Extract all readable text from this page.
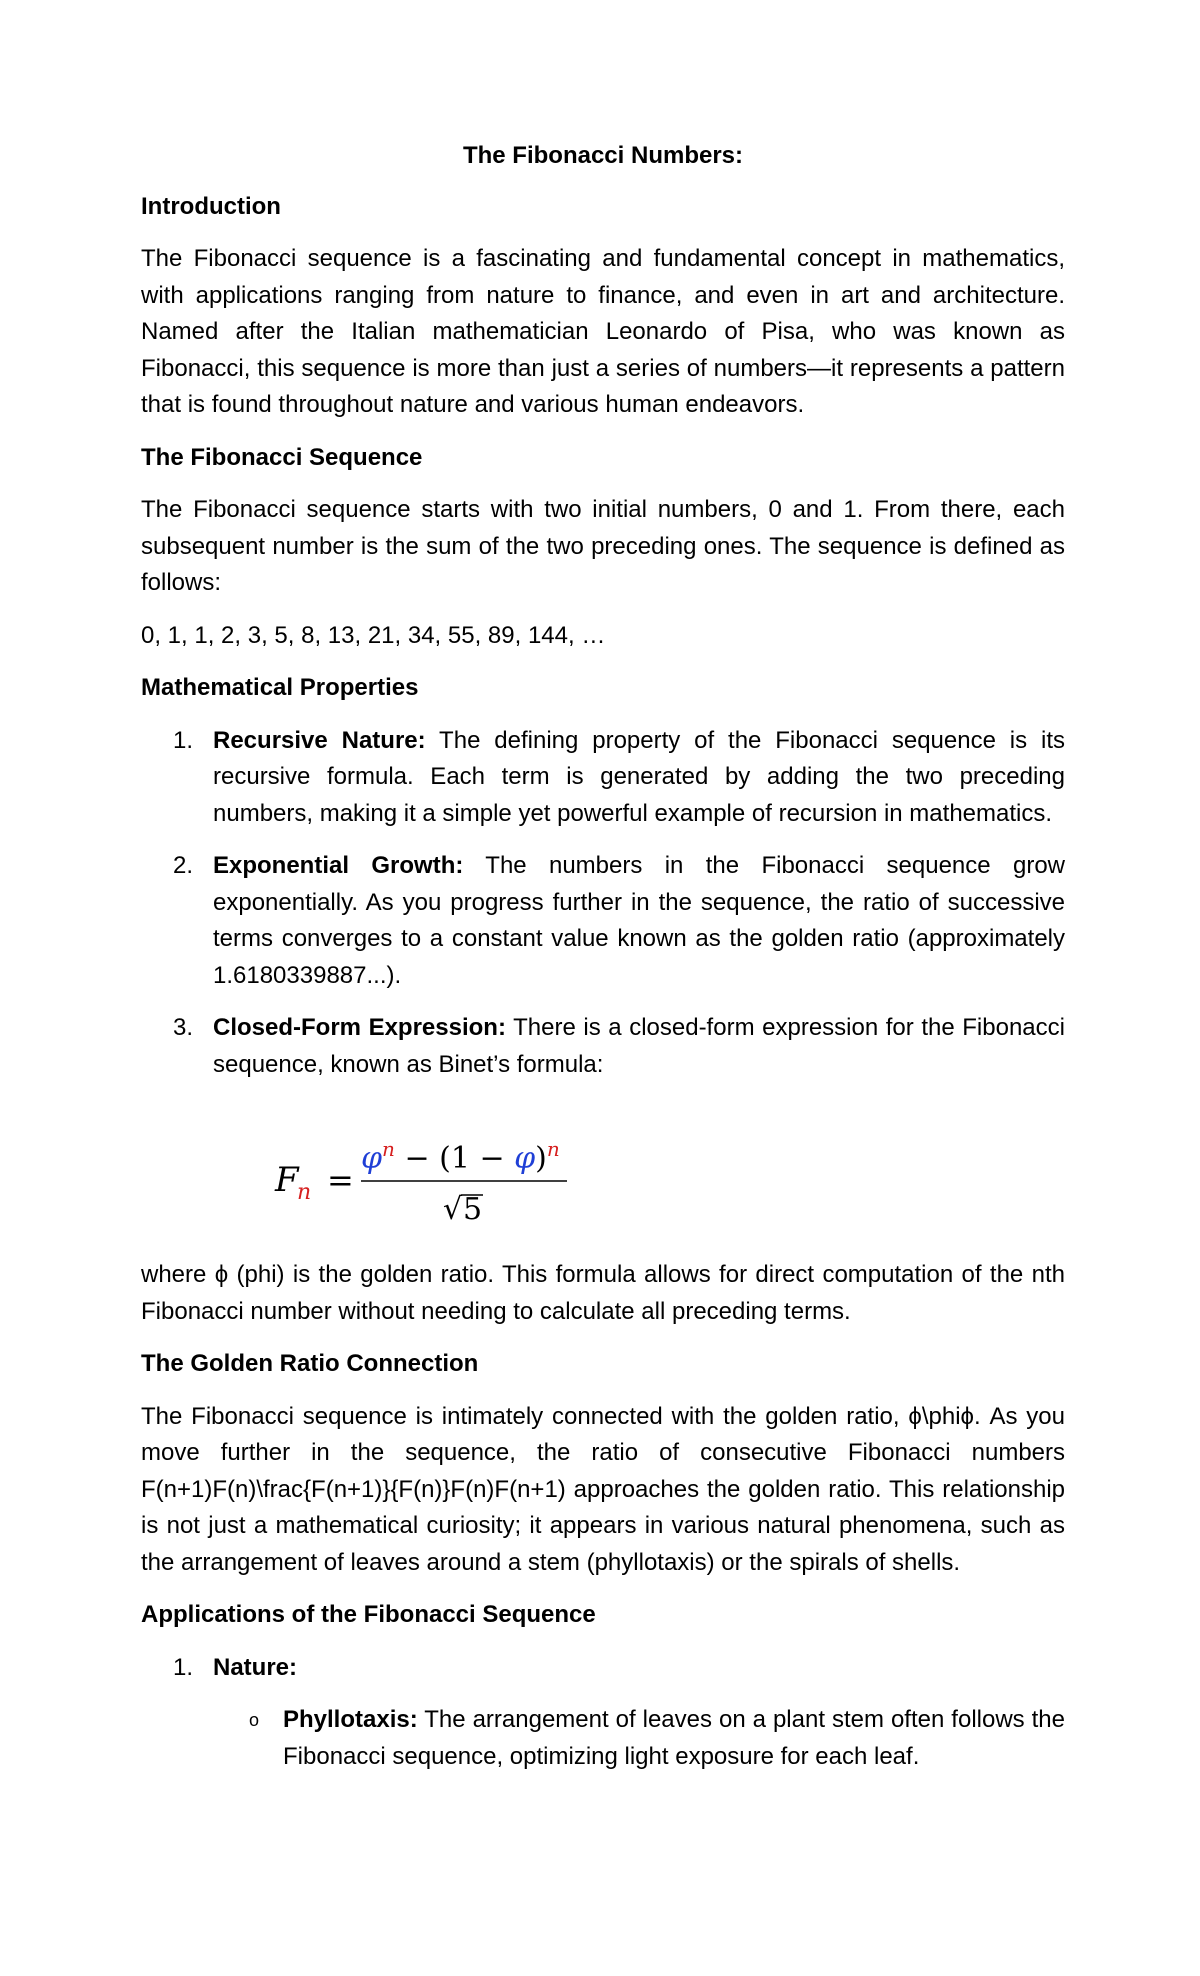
The Fibonacci Numbers:
Introduction

The Fibonacci sequence is a fascinating and fundamental concept in mathematics, with applications ranging from nature to finance, and even in art and architecture. Named after the Italian mathematician Leonardo of Pisa, who was known as Fibonacci, this sequence is more than just a series of numbers—it represents a pattern that is found throughout nature and various human endeavors.

The Fibonacci Sequence

The Fibonacci sequence starts with two initial numbers, 0 and 1. From there, each subsequent number is the sum of the two preceding ones. The sequence is defined as follows:

0, 1, 1, 2, 3, 5, 8, 13, 21, 34, 55, 89, 144, …

Mathematical Properties
1. Recursive Nature: The defining property of the Fibonacci sequence is its recursive formula. Each term is generated by adding the two preceding numbers, making it a simple yet powerful example of recursion in mathematics.
2. Exponential Growth: The numbers in the Fibonacci sequence grow exponentially. As you progress further in the sequence, the ratio of successive terms converges to a constant value known as the golden ratio (approximately 1.6180339887...).
3. Closed-Form Expression: There is a closed-form expression for the Fibonacci sequence, known as Binet’s formula:
F
n =
$\varphi^n - (1 - \varphi)^n$
√ 5

where ϕ (phi) is the golden ratio. This formula allows for direct computation of the nth Fibonacci number without needing to calculate all preceding terms.

The Golden Ratio Connection

The Fibonacci sequence is intimately connected with the golden ratio, ϕ\phiϕ. As you move further in the sequence, the ratio of consecutive Fibonacci numbers F(n+1)F(n)\frac{F(n+1)}{F(n)}F(n)F(n+1) approaches the golden ratio. This relationship is not just a mathematical curiosity; it appears in various natural phenomena, such as the arrangement of leaves around a stem (phyllotaxis) or the spirals of shells.

Applications of the Fibonacci Sequence
1. Nature:
o Phyllotaxis: The arrangement of leaves on a plant stem often follows the Fibonacci sequence, optimizing light exposure for each leaf.
